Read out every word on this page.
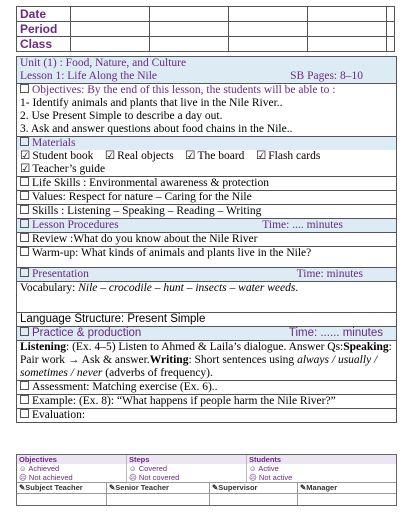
Date					
Period					
Class					
Unit (1) : Food, Nature, and Culture
Lesson 1: Life Along the Nile	SB Pages: 8–10
Objectives: By the end of this lesson, the students will be able to :
1- Identify animals and plants that live in the Nile River..
2. Use Present Simple to describe a day out.
3. Ask and answer questions about food chains in the Nile..
Materials
☑ Student book ☑ Real objects ☑ The board ☑ Flash cards
☑ Teacher’s guide
Life Skills : Environmental awareness & protection
Values: Respect for nature – Caring for the Nile
Skills : Listening – Speaking – Reading – Writing
Lesson Procedures	Time: .... minutes
Review :What do you know about the Nile River
Warm-up: What kinds of animals and plants live in the Nile?
Presentation	Time: minutes
Vocabulary: Nile – crocodile – hunt – insects – water weeds.
Language Structure: Present Simple
Practice & production	Time: ...... minutes
Listening: (Ex. 4–5) Listen to Ahmed & Laila’s dialogue. Answer Qs:Speaking: Pair work → Ask & answer.Writing: Short sentences using always / usually / sometimes / never (adverbs of frequency).
Assessment: Matching exercise (Ex. 6)..
Example: (Ex. 8): “What happens if people harm the Nile River?”
Evaluation:
Objectives	Steps	Students
☺ Achieved	☺ Covered	☺ Active
☹ Not achieved	☹ Not covered	☹ Not active
✎Subject Teacher	✎Senior Teacher	✎Supervisor	✎Manager
